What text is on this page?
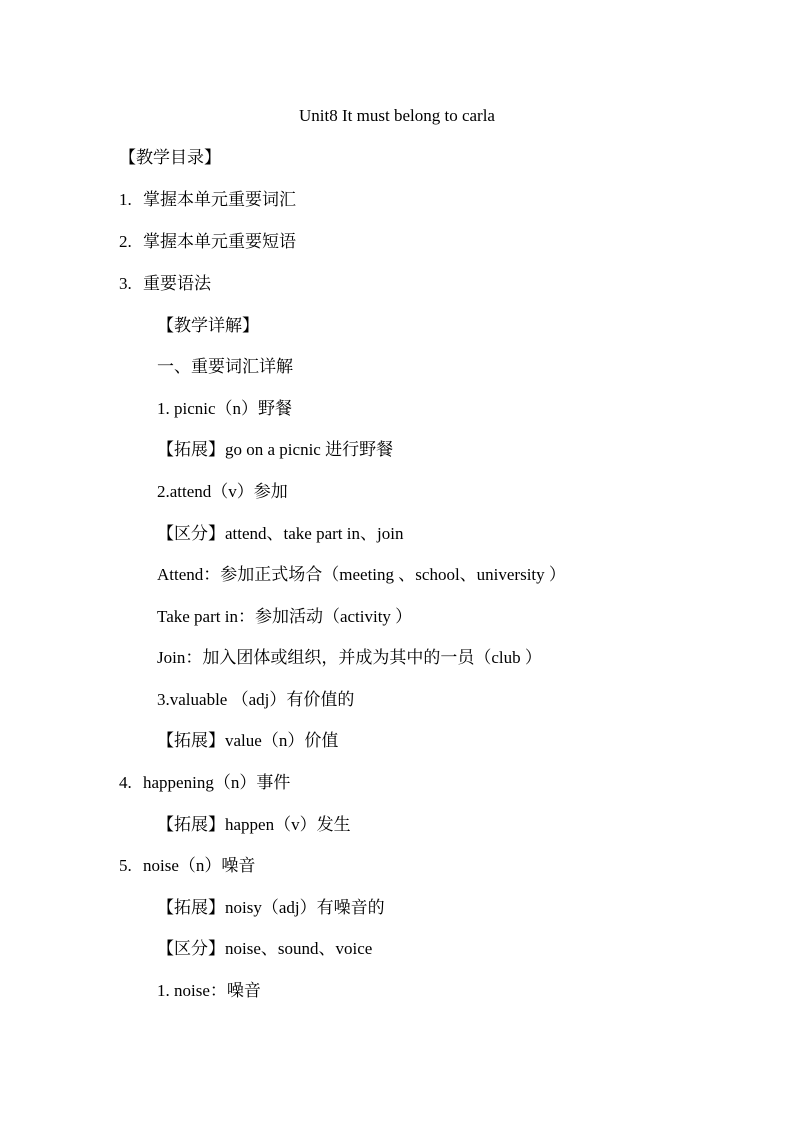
Unit8 It must belong to carla
【教学目录】
1. 掌握本单元重要词汇
2. 掌握本单元重要短语
3. 重要语法
【教学详解】
一、重要词汇详解
1. picnic（n）野餐
【拓展】go on a picnic 进行野餐
2.attend（v）参加
【区分】attend、take part in、join
Attend：参加正式场合（meeting 、school、university ）
Take part in：参加活动（activity ）
Join：加入团体或组织，并成为其中的一员（club ）
3.valuable （adj）有价值的
【拓展】value（n）价值
4. happening（n）事件
【拓展】happen（v）发生
5. noise（n）噪音
【拓展】noisy（adj）有噪音的
【区分】noise、sound、voice
1. noise：噪音
